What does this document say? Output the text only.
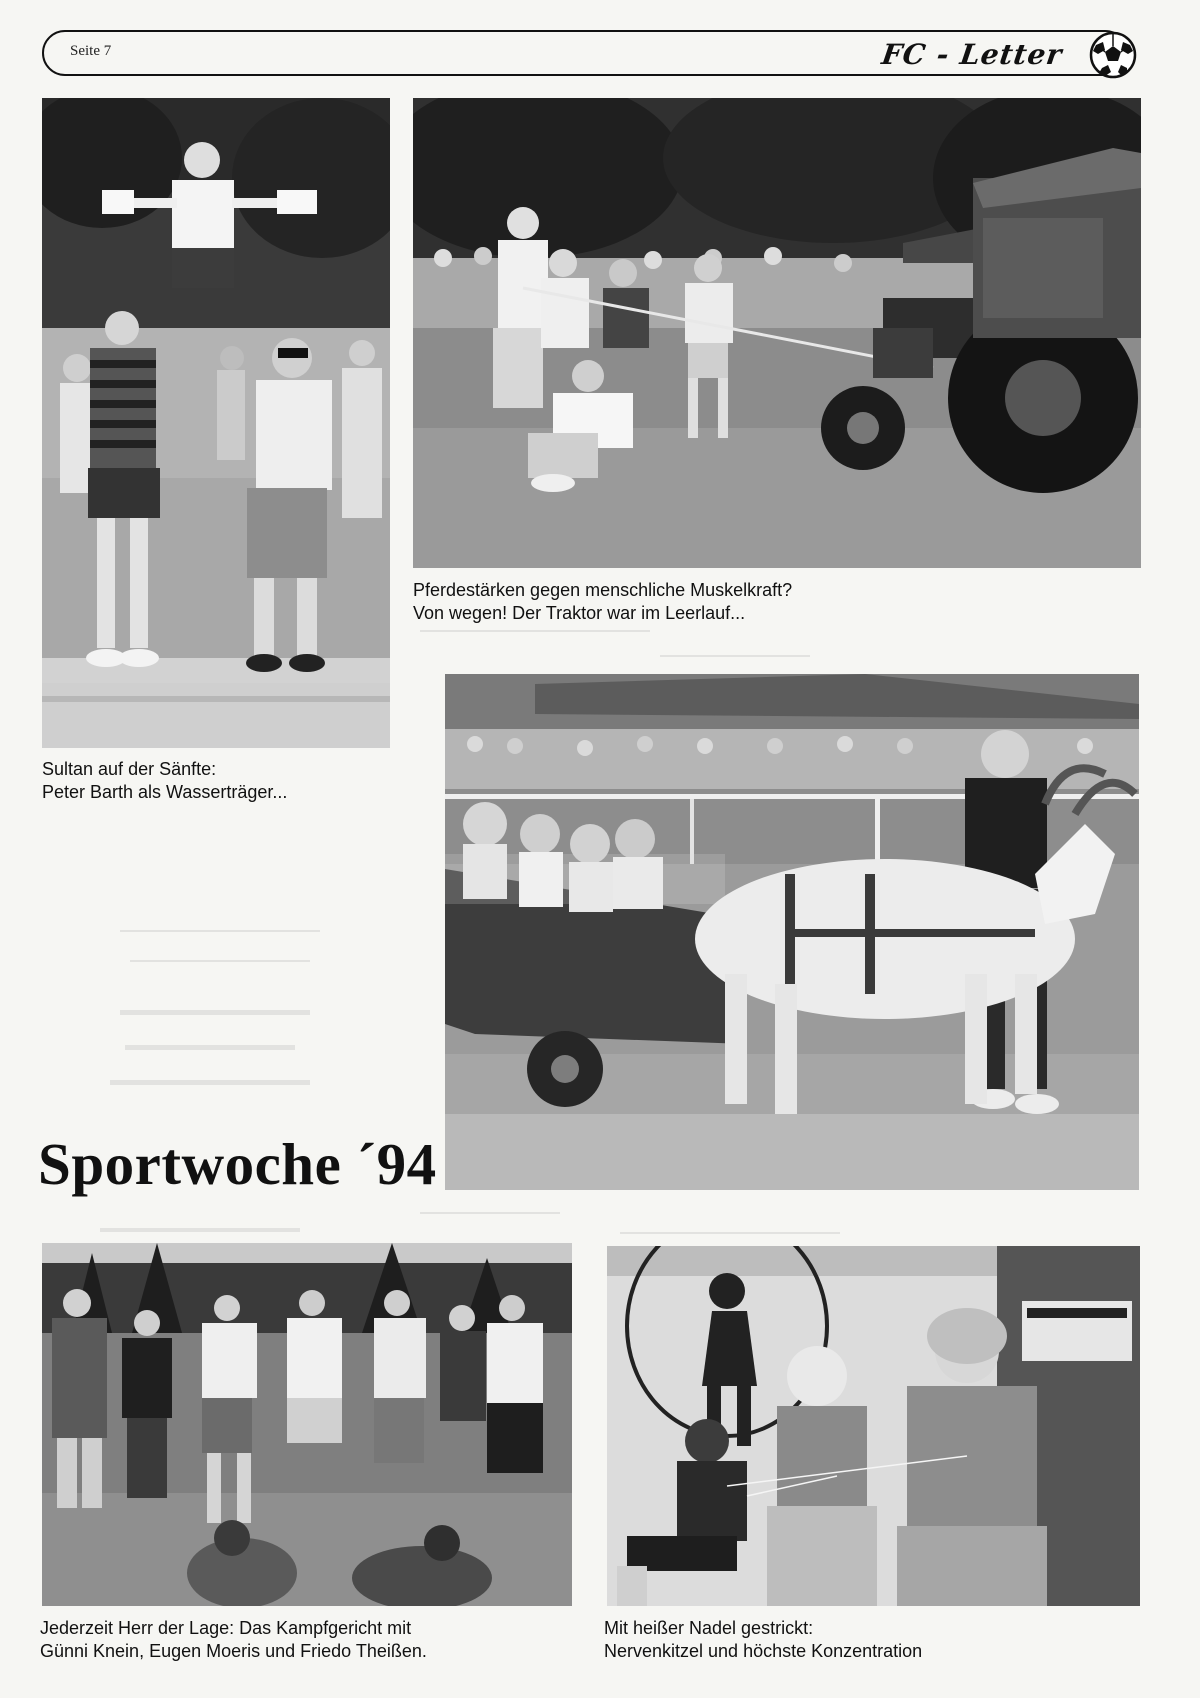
Seite 7	FC - Letter
Sultan auf der Sänfte:
Peter Barth als Wasserträger...
Pferdestärken gegen menschliche Muskelkraft?
Von wegen! Der Traktor war im Leerlauf...
Sportwoche ´94
Jederzeit Herr der Lage: Das Kampfgericht mit
Günni Knein, Eugen Moeris und Friedo Theißen.
Mit heißer Nadel gestrickt:
Nervenkitzel und höchste Konzentration
